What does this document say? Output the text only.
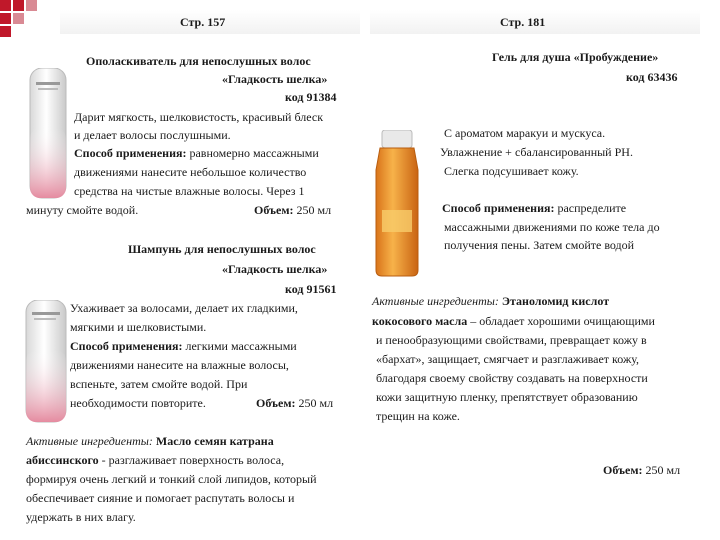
Стр. 157	Стр. 181
Ополаскиватель для непослушных волос
«Гладкость шелка»
код 91384
Дарит мягкость, шелковистость, красивый блеск
и делает волосы послушными.
Способ применения: равномерно массажными
движениями нанесите небольшое количество
средства на чистые влажные волосы. Через 1
минуту смойте водой.	Объем: 250 мл
Шампунь для непослушных волос
«Гладкость шелка»
код 91561
Ухаживает за волосами, делает их гладкими,
мягкими и шелковистыми.
Способ применения: легкими массажными
движениями нанесите на влажные волосы,
вспеньте, затем смойте водой. При
необходимости повторите.	Объем: 250 мл
Активные ингредиенты: Масло семян катрана
абиссинского - разглаживает поверхность волоса,
формируя очень легкий и тонкий слой липидов, который
обеспечивает сияние и помогает распутать волосы и
удержать в них влагу.
Гель для душа «Пробуждение»
код 63436
С ароматом маракуи и мускуса.
Увлажнение + сбалансированный РН.
Слегка подсушивает кожу.
Способ применения: распределите
массажными движениями по коже тела до
получения пены. Затем смойте водой
Активные ингредиенты: Этаноломид кислот
кокосового масла – обладает хорошими очищающими
и пенообразующими свойствами, превращает кожу в
«бархат», защищает, смягчает и разглаживает кожу,
благодаря своему свойству создавать на поверхности
кожи защитную пленку, препятствует образованию
трещин на коже.
Объем: 250 мл
